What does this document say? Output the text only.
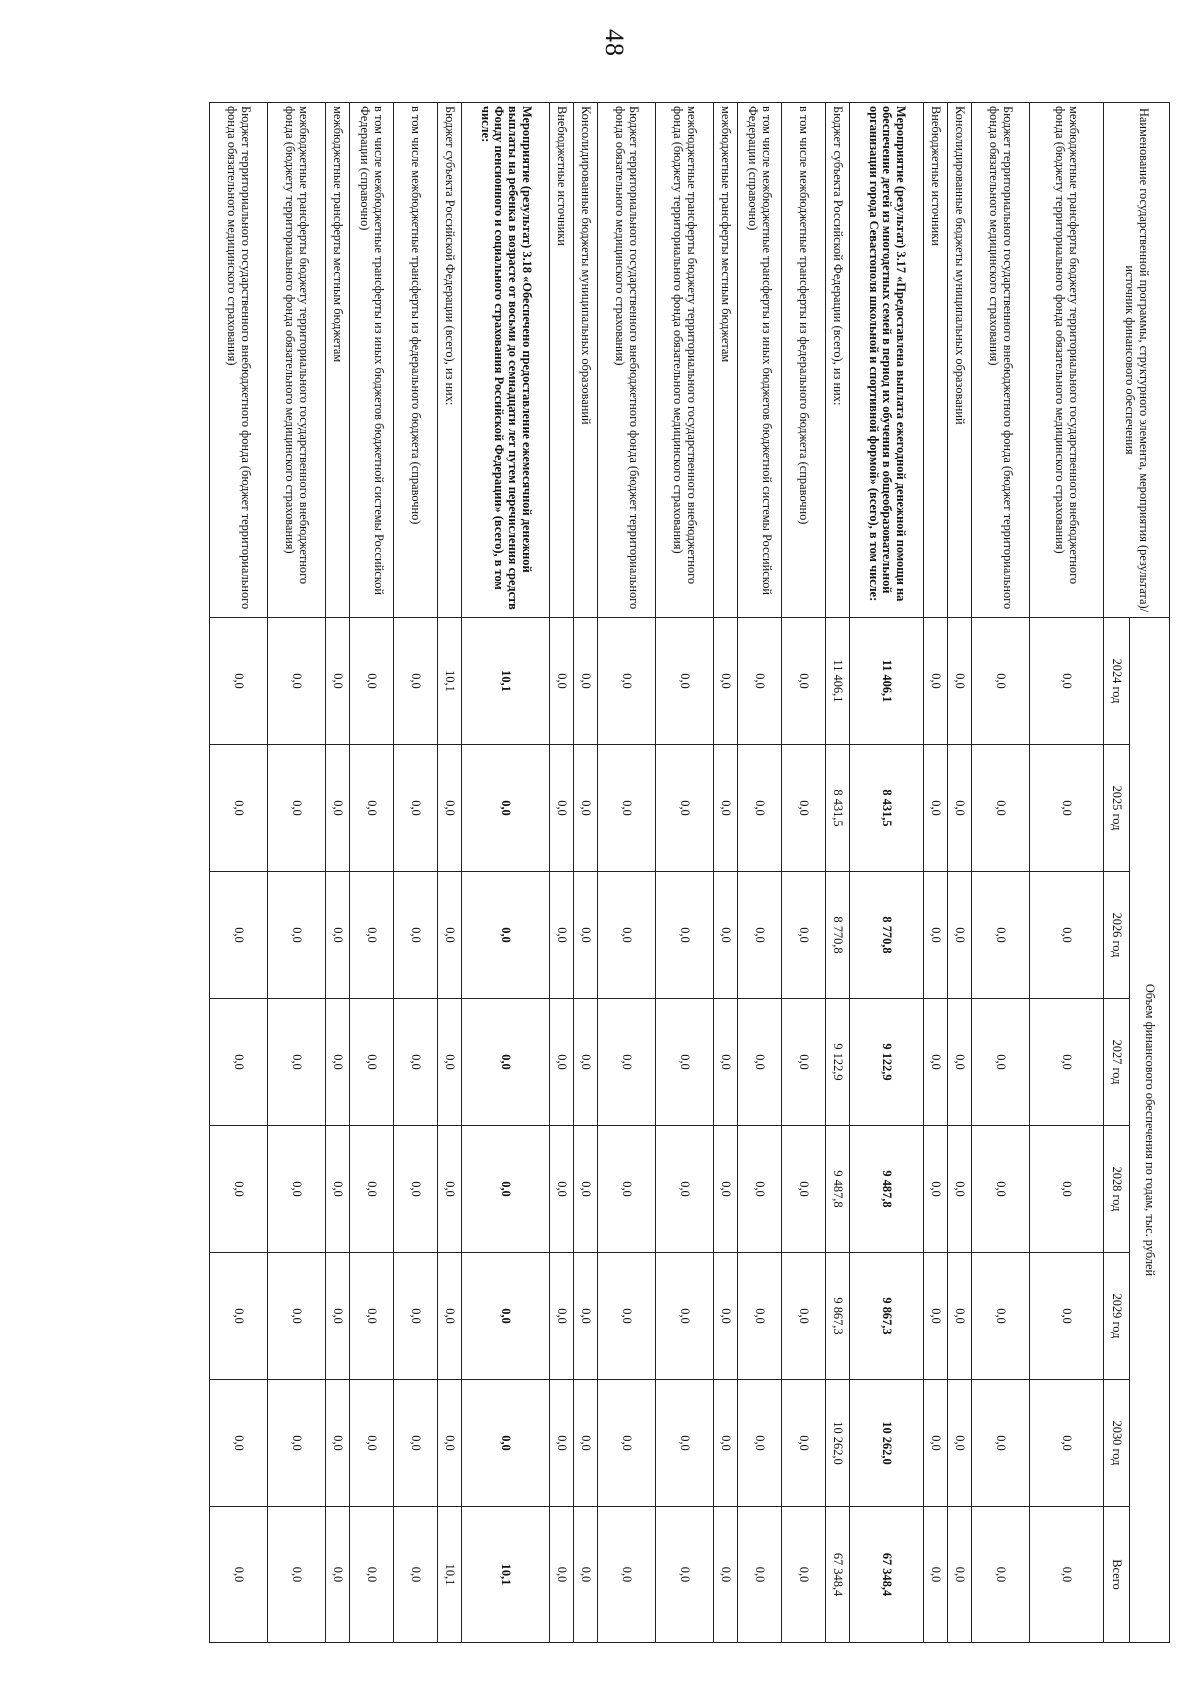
48
Наименование государственной программы, структурного элемента, мероприятия (результата)/источник финансового обеспечения	Объем финансового обеспечения по годам, тыс. рублей							
	2024 год	2025 год	2026 год	2027 год	2028 год	2029 год	2030 год	Всего
межбюджетные трансферты бюджету территориального государственного внебюджетного фонда (бюджету территориального фонда обязательного медицинского страхования)	0,0	0,0	0,0	0,0	0,0	0,0	0,0	0,0
Бюджет территориального государственного внебюджетного фонда (бюджет территориального фонда обязательного медицинского страхования)	0,0	0,0	0,0	0,0	0,0	0,0	0,0	0,0
Консолидированные бюджеты муниципальных образований	0,0	0,0	0,0	0,0	0,0	0,0	0,0	0,0
Внебюджетные источники	0,0	0,0	0,0	0,0	0,0	0,0	0,0	0,0
Мероприятие (результат) 3.17 «Предоставлена выплата ежегодной денежной помощи на обеспечение детей из многодетных семей в период их обучения в общеобразовательной организации города Севастополя школьной и спортивной формой» (всего), в том числе:	11 406,1	8 431,5	8 770,8	9 122,9	9 487,8	9 867,3	10 262,0	67 348,4
Бюджет субъекта Российской Федерации (всего), из них:	11 406,1	8 431,5	8 770,8	9 122,9	9 487,8	9 867,3	10 262,0	67 348,4
в том числе межбюджетные трансферты из федерального бюджета (справочно)	0,0	0,0	0,0	0,0	0,0	0,0	0,0	0,0
в том числе межбюджетные трансферты из иных бюджетов бюджетной системы Российской Федерации (справочно)	0,0	0,0	0,0	0,0	0,0	0,0	0,0	0,0
межбюджетные трансферты местным бюджетам	0,0	0,0	0,0	0,0	0,0	0,0	0,0	0,0
межбюджетные трансферты бюджету территориального государственного внебюджетного фонда (бюджету территориального фонда обязательного медицинского страхования)	0,0	0,0	0,0	0,0	0,0	0,0	0,0	0,0
Бюджет территориального государственного внебюджетного фонда (бюджет территориального фонда обязательного медицинского страхования)	0,0	0,0	0,0	0,0	0,0	0,0	0,0	0,0
Консолидированные бюджеты муниципальных образований	0,0	0,0	0,0	0,0	0,0	0,0	0,0	0,0
Внебюджетные источники	0,0	0,0	0,0	0,0	0,0	0,0	0,0	0,0
Мероприятие (результат) 3.18 «Обеспечено предоставление ежемесячной денежной выплаты на ребенка в возрасте от восьми до семнадцати лет путем перечисления средств Фонду пенсионного и социального страхования Российской Федерации» (всего), в том числе:	10,1	0,0	0,0	0,0	0,0	0,0	0,0	10,1
Бюджет субъекта Российской Федерации (всего), из них:	10,1	0,0	0,0	0,0	0,0	0,0	0,0	10,1
в том числе межбюджетные трансферты из федерального бюджета (справочно)	0,0	0,0	0,0	0,0	0,0	0,0	0,0	0,0
в том числе межбюджетные трансферты из иных бюджетов бюджетной системы Российской Федерации (справочно)	0,0	0,0	0,0	0,0	0,0	0,0	0,0	0,0
межбюджетные трансферты местным бюджетам	0,0	0,0	0,0	0,0	0,0	0,0	0,0	0,0
межбюджетные трансферты бюджету территориального государственного внебюджетного фонда (бюджету территориального фонда обязательного медицинского страхования)	0,0	0,0	0,0	0,0	0,0	0,0	0,0	0,0
Бюджет территориального государственного внебюджетного фонда (бюджет территориального фонда обязательного медицинского страхования)	0,0	0,0	0,0	0,0	0,0	0,0	0,0	0,0
